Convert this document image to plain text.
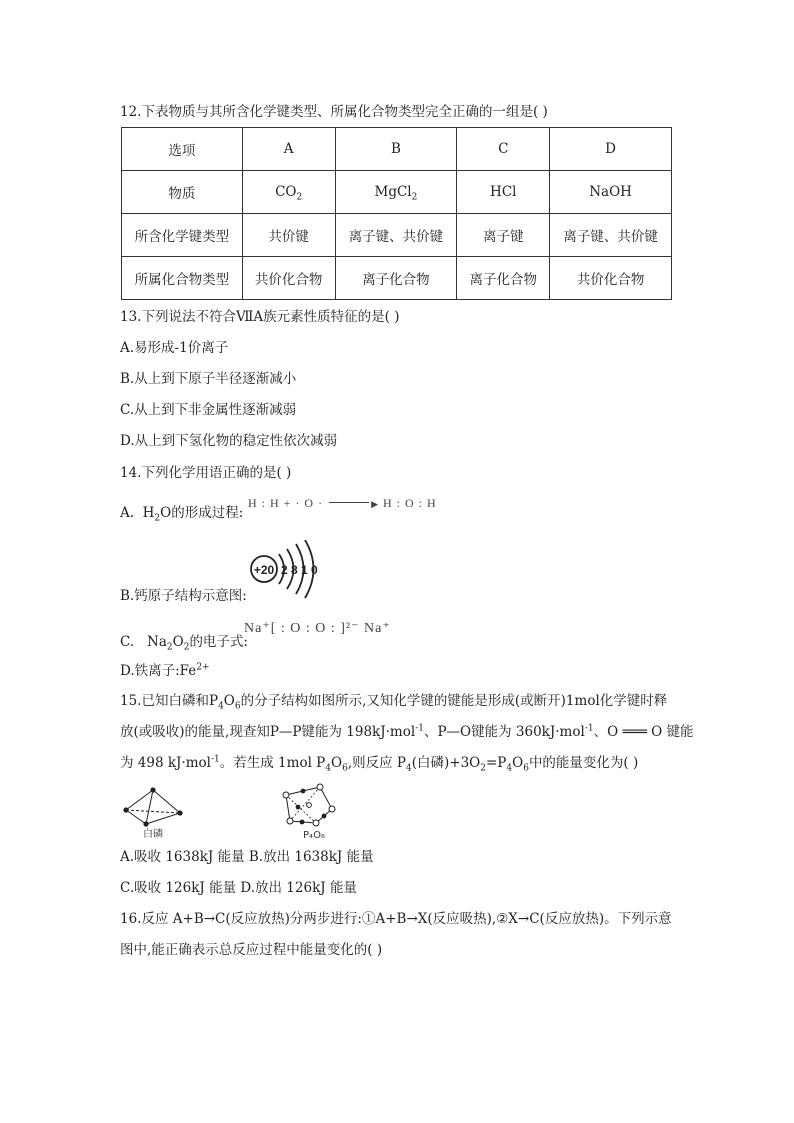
12.下表物质与其所含化学键类型、所属化合物类型完全正确的一组是( )
选项	A	B	C	D
物质	$CO_2$	MgCl$_2$	HCl	NaOH
所含化学键类型	共价键	离子键、共价键	离子键	离子键、共价键
所属化合物类型	共价化合物	离子化合物	离子化合物	共价化合物
13.下列说法不符合ⅦA族元素性质特征的是( )
A.易形成-1价离子
B.从上到下原子半径逐渐减小
C.从上到下非金属性逐渐减弱
D.从上到下氢化物的稳定性依次减弱
14.下列化学用语正确的是( )
A. $H_2O$的形成过程:
H : H + · O ·	▶ H : O : H
+20 2 8 1 0
B.钙原子结构示意图:
C. $Na_2O_2$的电子式:
Na⁺[ : O : O : ]²⁻ Na⁺
D.铁离子$:Fe^{2+}$
15.已知白磷和$P_4O_6$的分子结构如图所示,又知化学键的键能是形成(或断开)1mol化学键时释
放(或吸收)的能量,现查知P—P键能为 198kJ·mol$^{-1}$、P—O键能为 360kJ·mol$^{-1}$、O ═══ O 键能
为 498 kJ·mol$^{-1}$。若生成 1mol $P_4O_6$,则反应 $P_4$(白磷)$+3O_2=P_4O_6$中的能量变化为( )
白磷	P₄O₆
A.吸收 1638kJ 能量 B.放出 1638kJ 能量
C.吸收 126kJ 能量 D.放出 126kJ 能量
16.反应 A+B→C(反应放热)分两步进行:①A+B→X(反应吸热),②X→C(反应放热)。下列示意
图中,能正确表示总反应过程中能量变化的( )
